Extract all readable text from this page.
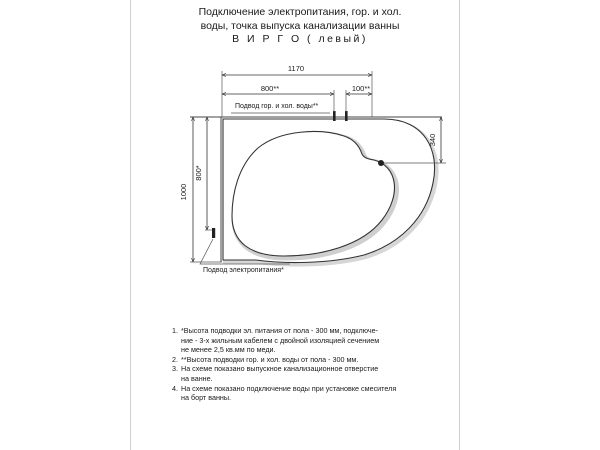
Подключение электропитания, гор. и хол.
воды, точка выпуска канализации ванны
В И Р Г О ( левый)
1170
800**	100**
Подвод гор. и хол. воды**
1000
800*
340
Подвод электропитания*
1. *Высота подводки эл. питания от пола - 300 мм, подключе-
ние - 3-х жильным кабелем с двойной изоляцией сечением
не менее 2,5 кв.мм по меди.
2. **Высота подводки гор. и хол. воды от пола - 300 мм.
3. На схеме показано выпускное канализационное отверстие
на ванне.
4. На схеме показано подключение воды при установке смесителя
на борт ванны.
